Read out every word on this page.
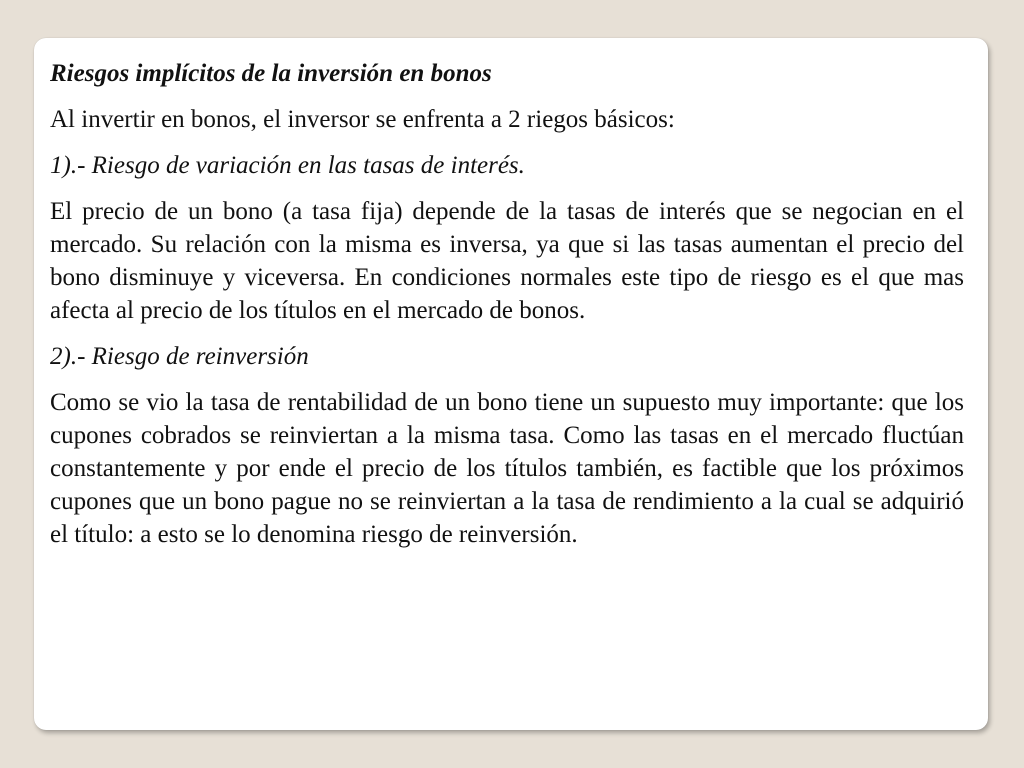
Riesgos implícitos de la inversión en bonos

Al invertir en bonos, el inversor se enfrenta a 2 riegos básicos:

1).- Riesgo de variación en las tasas de interés.

El precio de un bono (a tasa fija) depende de la tasas de interés que se negocian en el mercado. Su relación con la misma es inversa, ya que si las tasas aumentan el precio del bono disminuye y viceversa. En condiciones normales este tipo de riesgo es el que mas afecta al precio de los títulos en el mercado de bonos.

2).- Riesgo de reinversión

Como se vio la tasa de rentabilidad de un bono tiene un supuesto muy importante: que los cupones cobrados se reinviertan a la misma tasa. Como las tasas en el mercado fluctúan constantemente y por ende el precio de los títulos también, es factible que los próximos cupones que un bono pague no se reinviertan a la tasa de rendimiento a la cual se adquirió el título: a esto se lo denomina riesgo de reinversión.
